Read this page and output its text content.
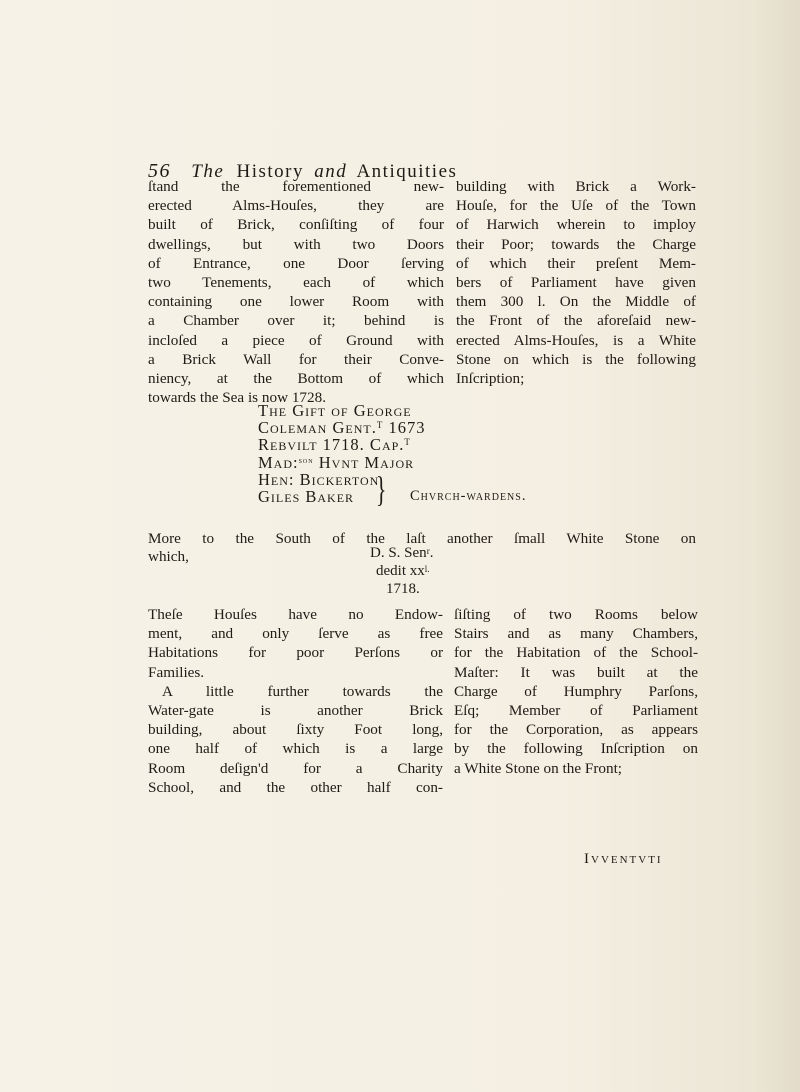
56 The History and Antiquities
ſtand the forementioned new-
erected Alms-Houſes, they are
built of Brick, conſiſting of four
dwellings, but with two Doors
of Entrance, one Door ſerving
two Tenements, each of which
containing one lower Room with
a Chamber over it; behind is
incloſed a piece of Ground with
a Brick Wall for their Conve-
niency, at the Bottom of which
towards the Sea is now 1728.
building with Brick a Work-
Houſe, for the Uſe of the Town
of Harwich wherein to imploy
their Poor; towards the Charge
of which their preſent Mem-
bers of Parliament have given
them 300 l. On the Middle of
the Front of the aforeſaid new-
erected Alms-Houſes, is a White
Stone on which is the following
Inſcription;
The Gift of George
Coleman Gent.$^T$ 1673
Rebvilt 1718. Cap.$^T$
Mad:$^{son}$ Hvnt Major
Hen: Bickerton
Giles Baker } Chvrch-wardens.
More to the South of the laſt another ſmall White Stone on
which,	D. S. Sen$^r$.
dedit $xx^{l.}$
1718.
Theſe Houſes have no Endow-
ment, and only ſerve as free
Habitations for poor Perſons or
Families.
A little further towards the
Water-gate is another Brick
building, about ſixty Foot long,
one half of which is a large
Room deſign'd for a Charity
School, and the other half con-
ſiſting of two Rooms below
Stairs and as many Chambers,
for the Habitation of the School-
Maſter: It was built at the
Charge of Humphry Parſons,
Eſq; Member of Parliament
for the Corporation, as appears
by the following Inſcription on
a White Stone on the Front;
Ivventvti
